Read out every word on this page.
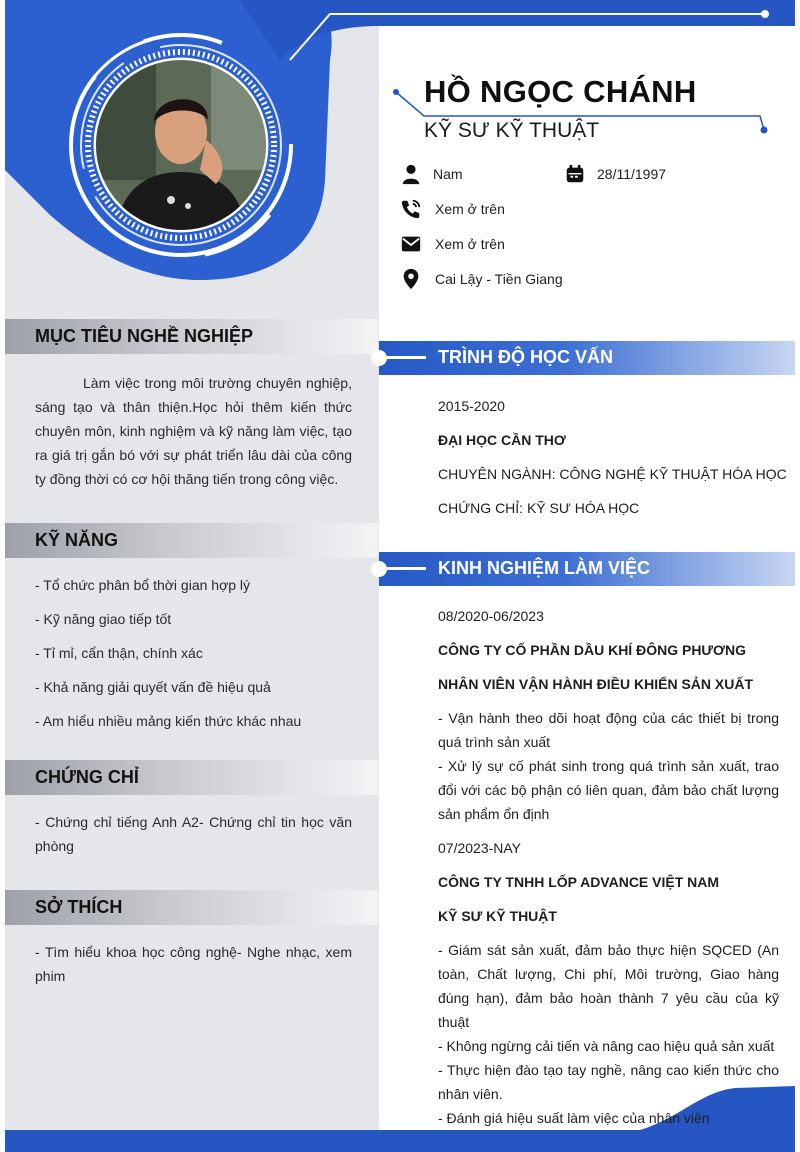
HỒ NGỌC CHÁNH
KỸ SƯ KỸ THUẬT
Nam	28/11/1997
Xem ở trên
Xem ở trên
Cai Lậy - Tiền Giang
MỤC TIÊU NGHỀ NGHIỆP

Làm việc trong môi trường chuyên nghiệp, sáng tạo và thân thiện.Học hỏi thêm kiến thức chuyên môn, kinh nghiệm và kỹ năng làm việc, tạo ra giá trị gắn bó với sự phát triển lâu dài của công ty đồng thời có cơ hội thăng tiến trong công việc.

KỸ NĂNG
- Tổ chức phân bổ thời gian hợp lý
- Kỹ năng giao tiếp tốt
- Tỉ mỉ, cẩn thận, chính xác
- Khả năng giải quyết vấn đề hiệu quả
- Am hiểu nhiều mảng kiến thức khác nhau
CHỨNG CHỈ

- Chứng chỉ tiếng Anh A2- Chứng chỉ tin học văn phòng

SỞ THÍCH

- Tìm hiểu khoa học công nghệ- Nghe nhạc, xem phim

TRÌNH ĐỘ HỌC VẤN
2015-2020
ĐẠI HỌC CẦN THƠ
CHUYÊN NGÀNH: CÔNG NGHỆ KỸ THUẬT HÓA HỌC
CHỨNG CHỈ: KỸ SƯ HÓA HỌC
KINH NGHIỆM LÀM VIỆC
08/2020-06/2023
CÔNG TY CỔ PHẦN DẦU KHÍ ĐÔNG PHƯƠNG
NHÂN VIÊN VẬN HÀNH ĐIỀU KHIỂN SẢN XUẤT

- Vận hành theo dõi hoạt động của các thiết bị trong quá trình sản xuất

- Xử lý sự cố phát sinh trong quá trình sản xuất, trao đổi với các bộ phận có liên quan, đảm bảo chất lượng sản phẩm ổn định

07/2023-NAY
CÔNG TY TNHH LỐP ADVANCE VIỆT NAM
KỸ SƯ KỸ THUẬT

- Giám sát sản xuất, đảm bảo thực hiện SQCED (An toàn, Chất lượng, Chi phí, Môi trường, Giao hàng đúng hạn), đảm bảo hoàn thành 7 yêu cầu của kỹ thuật

- Không ngừng cải tiến và nâng cao hiệu quả sản xuất

- Thực hiện đào tạo tay nghề, nâng cao kiến thức cho nhân viên.

- Đánh giá hiệu suất làm việc của nhân viên
